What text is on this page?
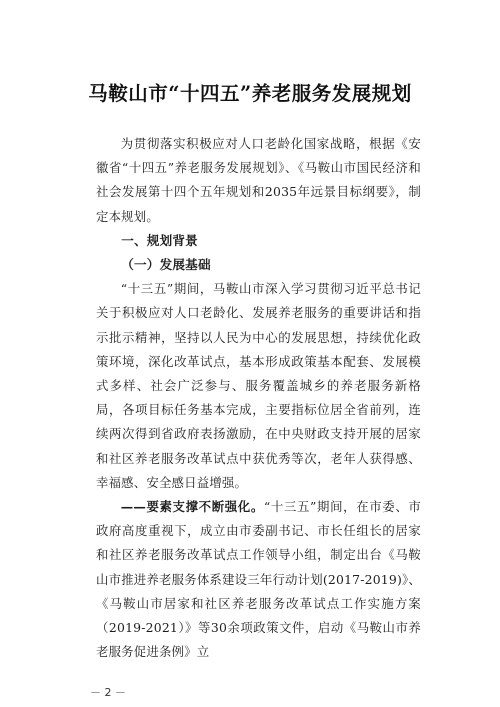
马鞍山市“十四五”养老服务发展规划

为贯彻落实积极应对人口老龄化国家战略，根据《安徽省“十四五”养老服务发展规划》、《马鞍山市国民经济和社会发展第十四个五年规划和2035年远景目标纲要》，制定本规划。

一、规划背景

（一）发展基础

“十三五”期间，马鞍山市深入学习贯彻习近平总书记关于积极应对人口老龄化、发展养老服务的重要讲话和指示批示精神，坚持以人民为中心的发展思想，持续优化政策环境，深化改革试点，基本形成政策基本配套、发展模式多样、社会广泛参与、服务覆盖城乡的养老服务新格局，各项目标任务基本完成，主要指标位居全省前列，连续两次得到省政府表扬激励，在中央财政支持开展的居家和社区养老服务改革试点中获优秀等次，老年人获得感、幸福感、安全感日益增强。

——要素支撑不断强化。“十三五”期间，在市委、市政府高度重视下，成立由市委副书记、市长任组长的居家和社区养老服务改革试点工作领导小组，制定出台《马鞍山市推进养老服务体系建设三年行动计划(2017-2019)》、《马鞍山市居家和社区养老服务改革试点工作实施方案（2019-2021）》等30余项政策文件，启动《马鞍山市养老服务促进条例》立

－ 2 －
